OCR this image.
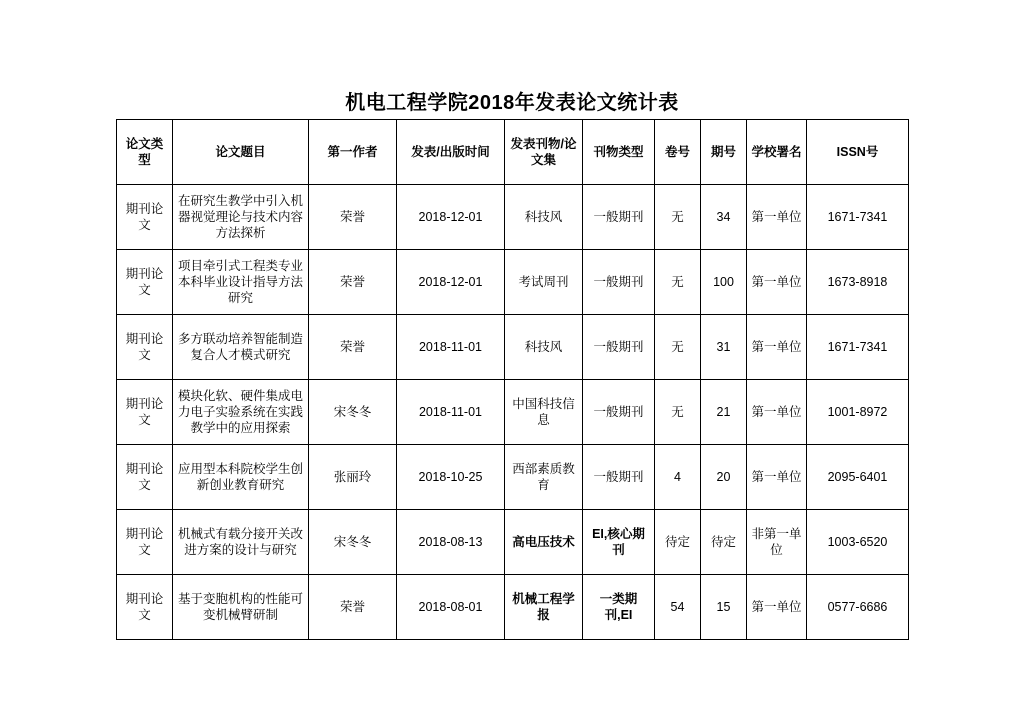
机电工程学院2018年发表论文统计表
论文类型	论文题目	第一作者	发表/出版时间	发表刊物/论文集	刊物类型	卷号	期号	学校署名	ISSN号
期刊论文	在研究生教学中引入机器视觉理论与技术内容方法探析	荣誉	2018-12-01	科技风	一般期刊	无	34	第一单位	1671-7341
期刊论文	项目牵引式工程类专业本科毕业设计指导方法研究	荣誉	2018-12-01	考试周刊	一般期刊	无	100	第一单位	1673-8918
期刊论文	多方联动培养智能制造复合人才模式研究	荣誉	2018-11-01	科技风	一般期刊	无	31	第一单位	1671-7341
期刊论文	模块化软、硬件集成电力电子实验系统在实践教学中的应用探索	宋冬冬	2018-11-01	中国科技信息	一般期刊	无	21	第一单位	1001-8972
期刊论文	应用型本科院校学生创新创业教育研究	张丽玲	2018-10-25	西部素质教育	一般期刊	4	20	第一单位	2095-6401
期刊论文	机械式有载分接开关改进方案的设计与研究	宋冬冬	2018-08-13	高电压技术	EI,核心期刊	待定	待定	非第一单位	1003-6520
期刊论文	基于变胞机构的性能可变机械臂研制	荣誉	2018-08-01	机械工程学报	一类期刊,EI	54	15	第一单位	0577-6686
